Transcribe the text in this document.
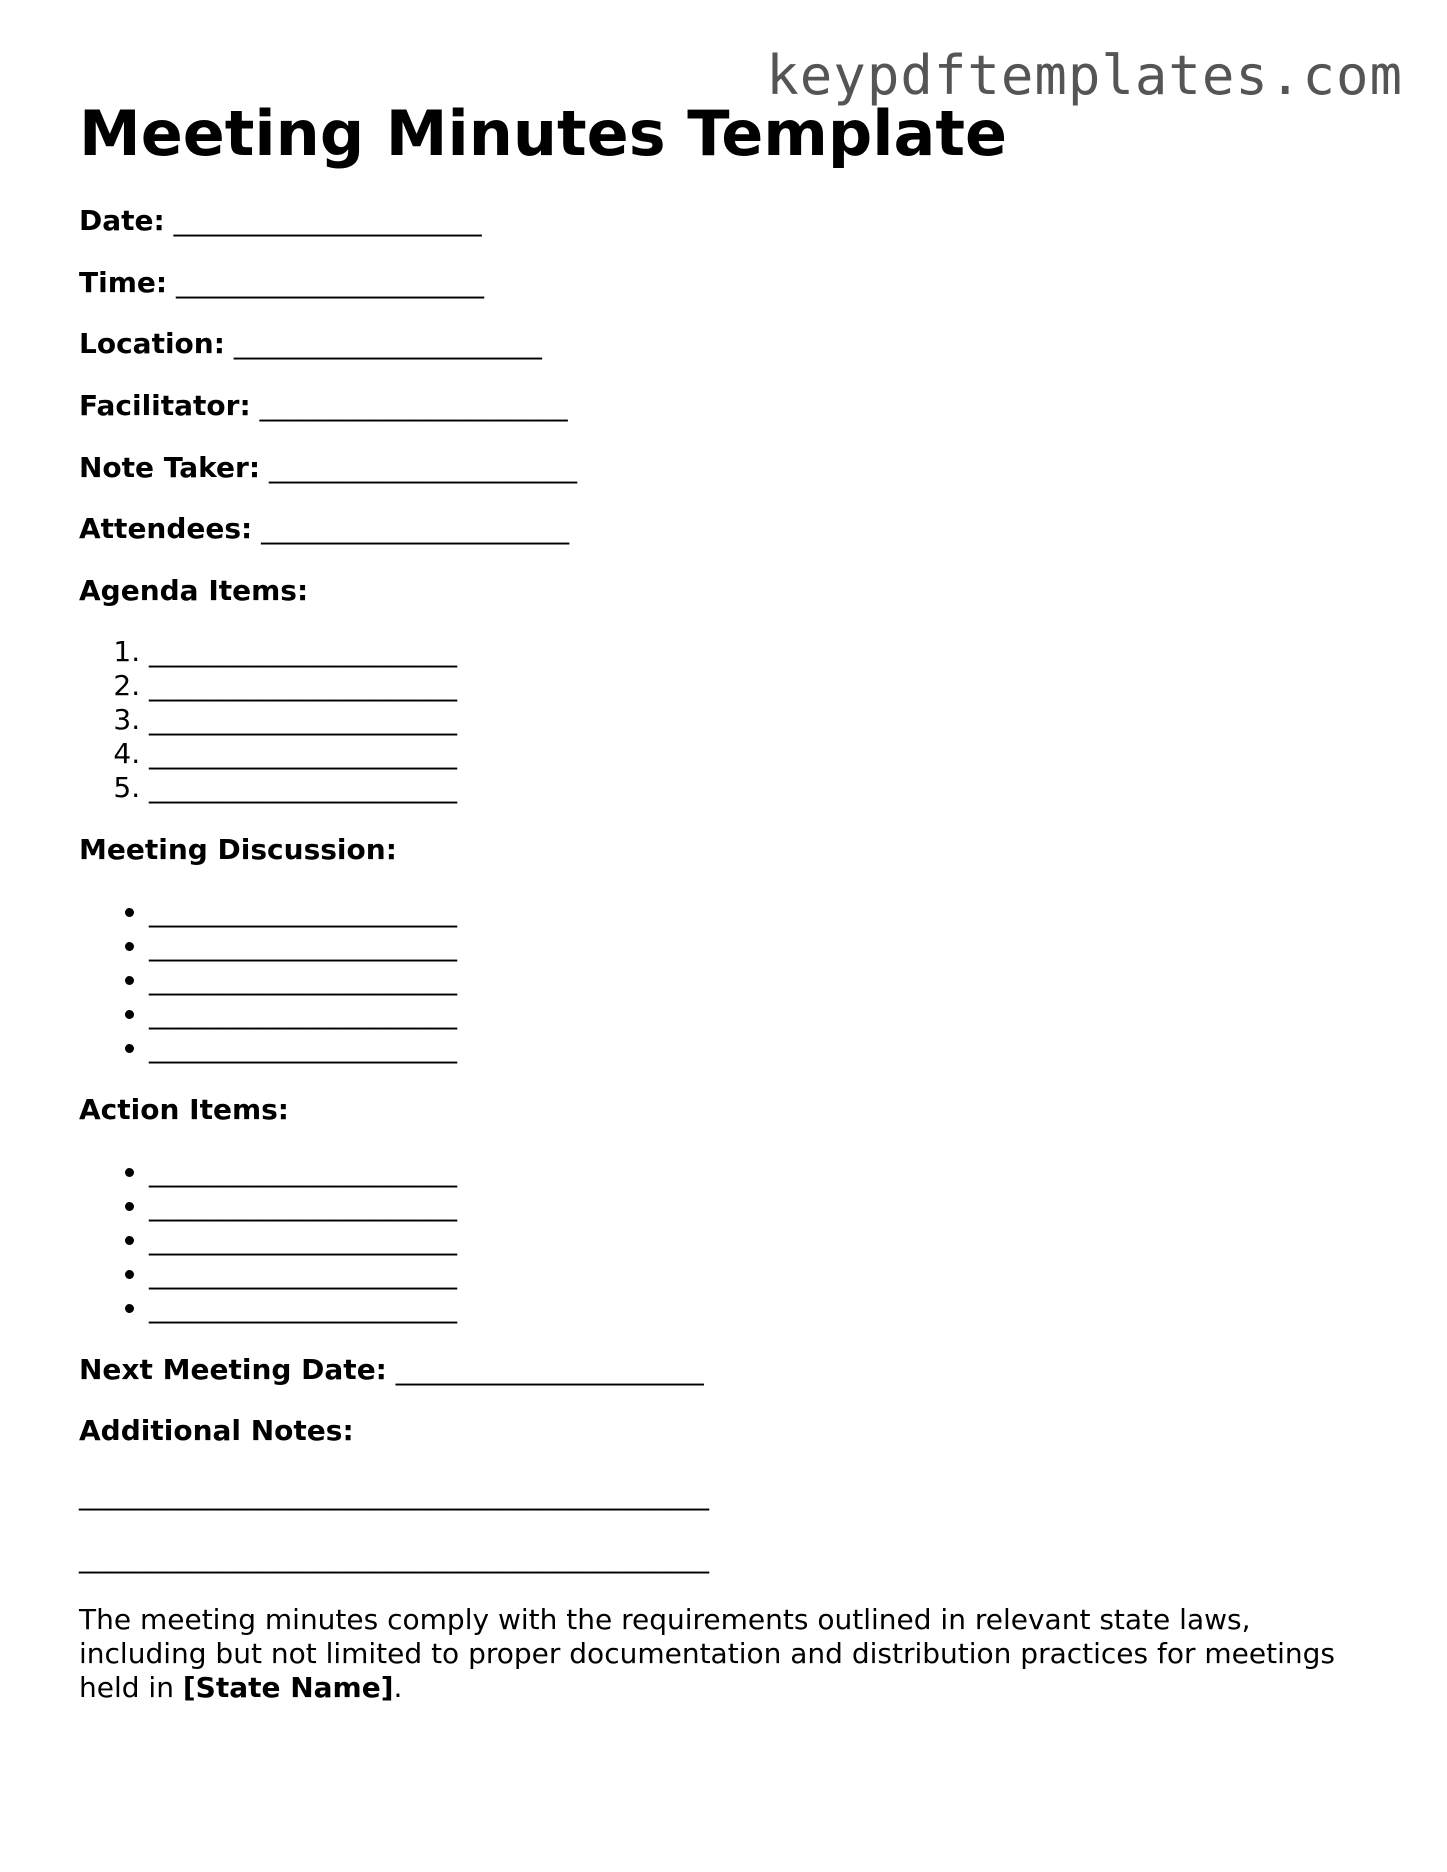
keypdftemplates.com
Meeting Minutes Template
Date: ______________________
Time: ______________________
Location: ______________________
Facilitator: ______________________
Note Taker: ______________________
Attendees: ______________________
Agenda Items:
1. ______________________
2. ______________________
3. ______________________
4. ______________________
5. ______________________
Meeting Discussion:
• ______________________
• ______________________
• ______________________
• ______________________
• ______________________
Action Items:
• ______________________
• ______________________
• ______________________
• ______________________
• ______________________
Next Meeting Date: ______________________
Additional Notes:
_____________________________________________
_____________________________________________

The meeting minutes comply with the requirements outlined in relevant state laws, including but not limited to proper documentation and distribution practices for meetings held in [State Name].
